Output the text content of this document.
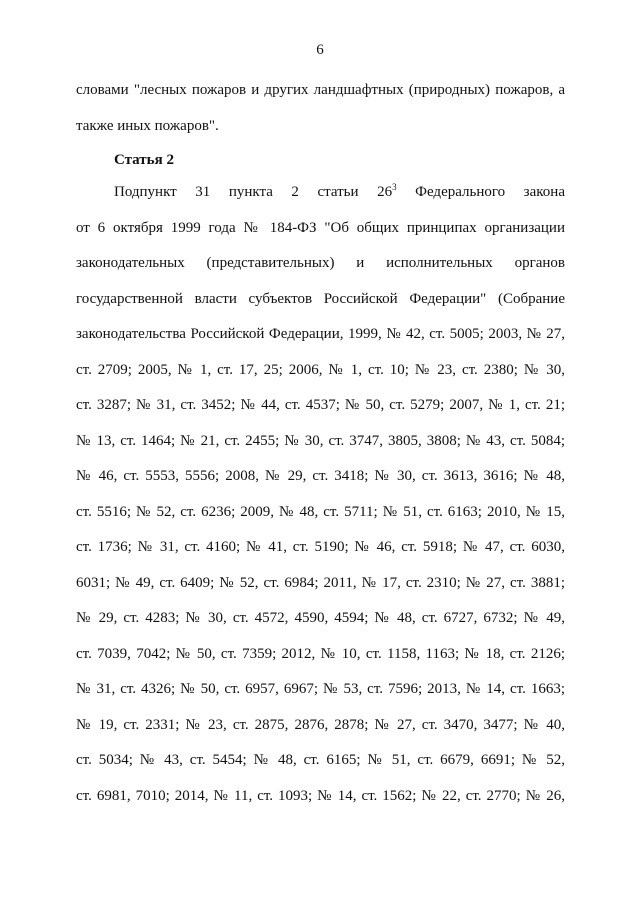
6
словами "лесных пожаров и других ландшафтных (природных) пожаров, а
также иных пожаров".
Статья 2
Подпункт 31 пункта 2 статьи $26^3$ Федерального закона
от 6 октября 1999 года № 184-ФЗ "Об общих принципах организации
законодательных (представительных) и исполнительных органов
государственной власти субъектов Российской Федерации" (Собрание
законодательства Российской Федерации, 1999, № 42, ст. 5005; 2003, № 27,
ст. 2709; 2005, № 1, ст. 17, 25; 2006, № 1, ст. 10; № 23, ст. 2380; № 30,
ст. 3287; № 31, ст. 3452; № 44, ст. 4537; № 50, ст. 5279; 2007, № 1, ст. 21;
№ 13, ст. 1464; № 21, ст. 2455; № 30, ст. 3747, 3805, 3808; № 43, ст. 5084;
№ 46, ст. 5553, 5556; 2008, № 29, ст. 3418; № 30, ст. 3613, 3616; № 48,
ст. 5516; № 52, ст. 6236; 2009, № 48, ст. 5711; № 51, ст. 6163; 2010, № 15,
ст. 1736; № 31, ст. 4160; № 41, ст. 5190; № 46, ст. 5918; № 47, ст. 6030,
6031; № 49, ст. 6409; № 52, ст. 6984; 2011, № 17, ст. 2310; № 27, ст. 3881;
№ 29, ст. 4283; № 30, ст. 4572, 4590, 4594; № 48, ст. 6727, 6732; № 49,
ст. 7039, 7042; № 50, ст. 7359; 2012, № 10, ст. 1158, 1163; № 18, ст. 2126;
№ 31, ст. 4326; № 50, ст. 6957, 6967; № 53, ст. 7596; 2013, № 14, ст. 1663;
№ 19, ст. 2331; № 23, ст. 2875, 2876, 2878; № 27, ст. 3470, 3477; № 40,
ст. 5034; № 43, ст. 5454; № 48, ст. 6165; № 51, ст. 6679, 6691; № 52,
ст. 6981, 7010; 2014, № 11, ст. 1093; № 14, ст. 1562; № 22, ст. 2770; № 26,
